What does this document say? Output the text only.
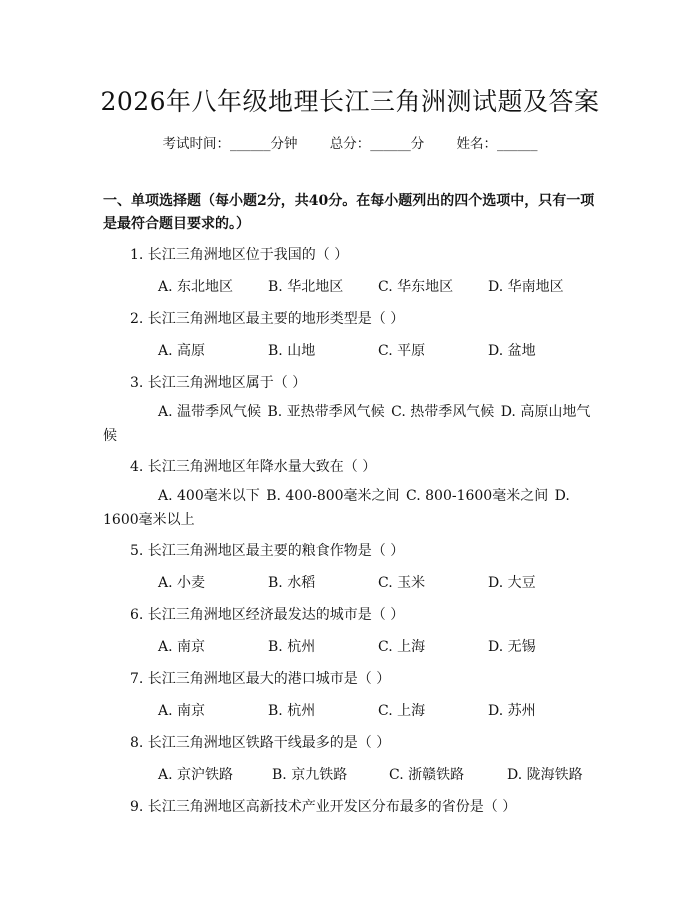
2026年八年级地理长江三角洲测试题及答案
考试时间：______分钟 总分：______分 姓名：______
一、单项选择题（每小题2分，共40分。在每小题列出的四个选项中，只有一项是最符合题目要求的。）
1. 长江三角洲地区位于我国的（ ）
A. 东北地区 B. 华北地区 C. 华东地区 D. 华南地区
2. 长江三角洲地区最主要的地形类型是（ ）
A. 高原	B. 山地	C. 平原	D. 盆地
3. 长江三角洲地区属于（ ）
A. 温带季风气候 B. 亚热带季风气候 C. 热带季风气候 D. 高原山地气候
4. 长江三角洲地区年降水量大致在（ ）
A. 400毫米以下 B. 400-800毫米之间 C. 800-1600毫米之间 D. 1600毫米以上
5. 长江三角洲地区最主要的粮食作物是（ ）
A. 小麦	B. 水稻	C. 玉米	D. 大豆
6. 长江三角洲地区经济最发达的城市是（ ）
A. 南京	B. 杭州	C. 上海	D. 无锡
7. 长江三角洲地区最大的港口城市是（ ）
A. 南京	B. 杭州	C. 上海	D. 苏州
8. 长江三角洲地区铁路干线最多的是（ ）
A. 京沪铁路	B. 京九铁路	C. 浙赣铁路	D. 陇海铁路
9. 长江三角洲地区高新技术产业开发区分布最多的省份是（ ）
